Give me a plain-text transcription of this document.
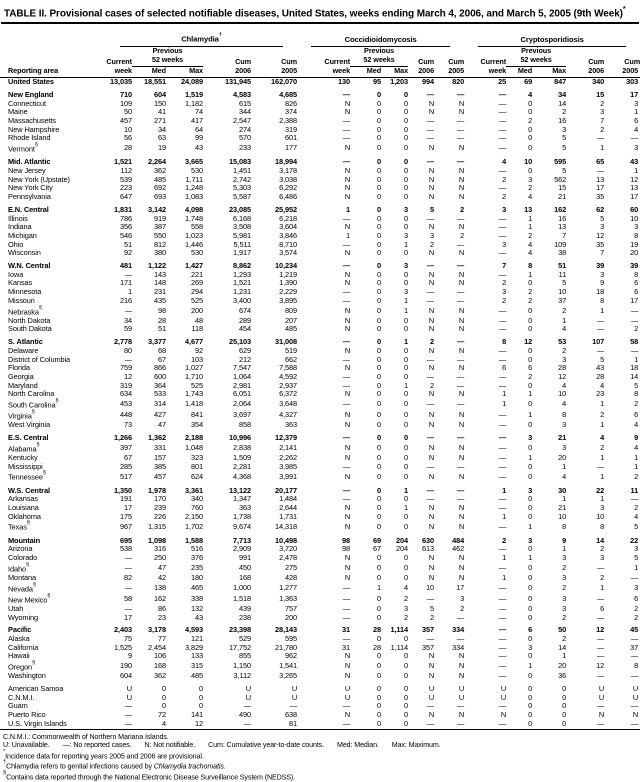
TABLE II. Provisional cases of selected notifiable diseases, United States, weeks ending March 4, 2006, and March 5, 2005 (9th Week)*

	Chlamydia†					Coccidioidomycosis					Cryptosporidiosis				

	Current	
Previous
52 weeks	Cum	Cum	Current	
Previous
52 weeks	Cum	Cum	Current	
Previous
52 weeks	Cum	Cum
Reporting area	week	Med	Max	2006	2005	week	Med	Max	2006	2005	week	Med	Max	2006	2005
United States	13,035	18,551	24,089	131,945	162,070	130	95	1,203	994	820	25	69	847	340	303

New England	710	604	1,519	4,583	4,685	—	0	0	—	—	—	4	34	15	17
Connecticut	109	150	1,182	615	826	N	0	0	N	N	—	0	14	2	3
Maine	50	41	74	344	374	N	0	0	N	N	—	0	2	3	1
Massachusetts	457	271	417	2,547	2,388	—	0	0	—	—	—	2	16	7	6
New Hampshire	10	34	64	274	319	—	0	0	—	—	—	0	3	2	4
Rhode Island	56	63	99	570	601	—	0	0	—	—	—	0	5	—	—
Vermont§	28	19	43	233	177	N	0	0	N	N	—	0	5	1	3

Mid. Atlantic	1,521	2,264	3,665	15,083	18,994	—	0	0	—	—	4	10	595	65	43
New Jersey	112	362	530	1,451	3,178	N	0	0	N	N	—	0	5	—	1
New York (Upstate)	539	485	1,711	2,742	3,038	N	0	0	N	N	2	3	562	13	12
New York City	223	692	1,248	5,303	6,292	N	0	0	N	N	—	2	15	17	13
Pennsylvania	647	693	1,083	5,587	6,486	N	0	0	N	N	2	4	21	35	17

E.N. Central	1,831	3,142	4,098	23,085	25,952	1	0	3	5	2	3	13	162	62	60
Illinois	786	919	1,748	6,168	6,218	—	0	0	—	—	—	1	16	5	10
Indiana	356	387	558	3,508	3,604	N	0	0	N	N	—	1	13	3	3
Michigan	546	550	1,023	5,981	3,846	1	0	3	3	2	—	2	7	12	8
Ohio	51	812	1,446	5,511	8,710	—	0	1	2	—	3	4	109	35	19
Wisconsin	92	380	530	1,917	3,574	N	0	0	N	N	—	4	38	7	20

W.N. Central	481	1,122	1,427	8,862	10,234	—	0	3	—	—	7	8	51	39	39
Iowa	—	143	221	1,293	1,219	N	0	0	N	N	—	1	11	3	8
Kansas	171	148	269	1,521	1,390	N	0	0	N	N	2	0	5	9	6
Minnesota	1	231	294	1,231	2,229	—	0	3	—	—	3	2	10	18	6
Missouri	216	435	525	3,400	3,895	—	0	1	—	—	2	2	37	8	17
Nebraska§	—	98	200	674	809	N	0	1	N	N	—	0	2	1	—
North Dakota	34	28	48	289	207	N	0	0	N	N	—	0	1	—	—
South Dakota	59	51	118	454	485	N	0	0	N	N	—	0	4	—	2

S. Atlantic	2,778	3,377	4,677	25,103	31,008	—	0	1	2	—	8	12	53	107	58
Delaware	80	68	92	629	519	N	0	0	N	N	—	0	2	—	—
District of Columbia	—	67	103	212	662	—	0	0	—	—	—	0	3	5	1
Florida	759	866	1,027	7,547	7,588	N	0	0	N	N	6	6	28	43	18
Georgia	12	600	1,710	1,064	4,592	—	0	0	—	—	—	2	12	28	14
Maryland	319	364	525	2,981	2,937	—	0	1	2	—	—	0	4	4	5
North Carolina	634	533	1,743	6,051	6,372	N	0	0	N	N	1	1	10	23	8
South Carolina§	453	314	1,418	2,064	3,648	—	0	0	—	—	1	0	4	1	2
Virginia§	448	427	841	3,697	4,327	N	0	0	N	N	—	1	8	2	6
West Virginia	73	47	354	858	363	N	0	0	N	N	—	0	3	1	4

E.S. Central	1,266	1,362	2,188	10,996	12,379	—	0	0	—	—	—	3	21	4	9
Alabama§	397	331	1,048	2,838	2,141	N	0	0	N	N	—	0	3	2	4
Kentucky	67	157	323	1,509	2,262	N	0	0	N	N	—	1	20	1	1
Mississippi	285	385	801	2,281	3,985	—	0	0	—	—	—	0	1	—	1
Tennessee§	517	457	624	4,368	3,991	N	0	0	N	N	—	0	4	1	2

W.S. Central	1,350	1,978	3,361	13,122	20,177	—	0	1	—	—	1	3	30	22	11
Arkansas	191	170	340	1,347	1,484	—	0	0	—	—	—	0	1	1	—
Louisiana	17	239	760	363	2,644	N	0	1	N	N	—	0	21	3	2
Oklahoma	175	226	2,150	1,738	1,731	N	0	0	N	N	1	0	10	10	4
Texas§	967	1,315	1,702	9,674	14,318	N	0	0	N	N	—	1	8	8	5

Mountain	695	1,098	1,588	7,713	10,498	98	69	204	630	484	2	3	9	14	22
Arizona	538	316	516	2,909	3,720	98	67	204	613	462	—	0	1	2	3
Colorado	—	250	376	991	2,478	N	0	0	N	N	1	1	3	3	5
Idaho§	—	47	235	450	275	N	0	0	N	N	—	0	2	—	1
Montana	82	42	180	168	428	N	0	0	N	N	1	0	3	2	—
Nevada§	—	138	465	1,000	1,277	—	1	4	10	17	—	0	2	1	3
New Mexico§	58	162	338	1,518	1,363	—	0	2	—	3	—	0	3	—	6
Utah	—	86	132	439	757	—	0	3	5	2	—	0	3	6	2
Wyoming	17	23	43	238	200	—	0	2	2	—	—	0	2	—	2

Pacific	2,403	3,178	4,593	23,398	28,143	31	28	1,114	357	334	—	6	50	12	45
Alaska	75	77	121	529	595	—	0	0	—	—	—	0	2	—	—
California	1,525	2,454	3,829	17,752	21,780	31	28	1,114	357	334	—	3	14	—	37
Hawaii	9	106	133	855	962	N	0	0	N	N	—	0	1	—	—
Oregon§	190	168	315	1,150	1,541	N	0	0	N	N	—	1	20	12	8
Washington	604	362	485	3,112	3,265	N	0	0	N	N	—	0	36	—	—

American Samoa	U	0	0	U	U	U	0	0	U	U	U	0	0	U	U
C.N.M.I.	U	0	0	U	U	U	0	0	U	U	U	0	0	U	U
Guam	—	0	0	—	—	—	0	0	—	—	—	0	0	—	—
Puerto Rico	—	72	141	490	638	N	0	0	N	N	N	0	0	N	N
U.S. Virgin Islands	—	4	12	—	81	—	0	0	—	—	—	0	0	—	—
C.N.M.I.: Commonwealth of Northern Mariana Islands.
U: Unavailable. —: No reported cases. N: Not notifiable. Cum: Cumulative year-to-date counts. Med: Median. Max: Maximum.
*Incidence data for reporting years 2005 and 2006 are provisional.
†Chlamydia refers to genital infections caused by Chlamydia trachomatis.
§Contains data reported through the National Electronic Disease Surveillance System (NEDSS).
